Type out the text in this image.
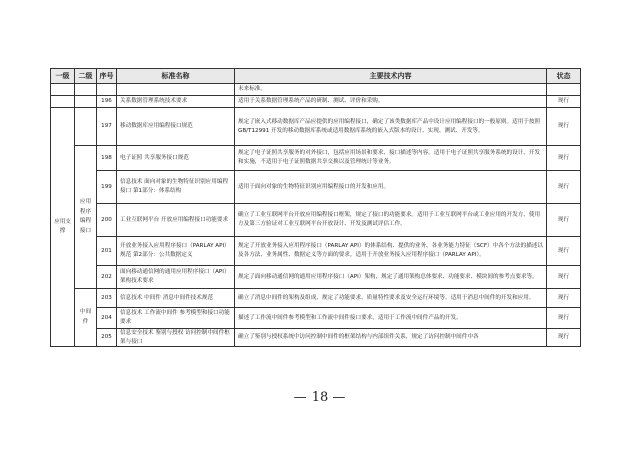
一级	二级	序号	标准名称	主要技术内容	状态
				未来标准。	
		196	关系数据管理系统技术要求	适用于关系数据管理系统产品的研制、测试、评价和采购。	现行
应用支撑		197	移动数据库应用编程接口规范	规定了嵌入式移动数据库产品应提供的应用编程接口，确定了该类数据库产品中设计应用编程接口的一般原则。适用于按照 GB/T12991 开发的移动数据库系统或适用数据库系统的嵌入式版本的设计、实现、测试、开发等。	现行
	应用程序编程接口	198	电子证照 共享服务接口规范	规定了电子证照共享服务的对外接口，包括应用场景和要求、接口描述等内容。适用于电子证照共享服务系统的设计、开发和实施，不适用于电子证照数据共享交换以及管理统计等业务。	现行
		199	信息技术 面向对象的生物特征识别应用编程接口 第1部分：体系结构	适用于面向对象的生物特征识别应用编程接口的开发和应用。	现行
		200	工业互联网平台 开放应用编程接口功能要求	确立了工业互联网平台开放应用编程接口框架，规定了接口的功能要求。适用于工业互联网平台或工业应用的开发方、使用方及第三方验证对工业互联网平台开放设计、开发及测试评估工作。	现行
		201	开放业务接入应用程序接口（PARLAY API）规范 第2部分：公共数据定义	规定了开放业务接入应用程序接口（PARLAY API）的体系结构、提供的业务、各业务能力特征（SCF）中各个方法的描述以及各方法、业务属性、数据定义等方面的要求。适用于开放业务接入应用程序接口（PARLAY API）。	现行
		202	面向移动通信网的通用应用程序接口（API）架构技术要求	规定了面向移动通信网的通用应用程序接口（API）架构，规定了通用架构总体要求、功能要求、模块间的参考点要求等。	现行
	中间件	203	信息技术 中间件 消息中间件技术规范	确立了消息中间件的架构及组成，规定了功能要求、质量特性要求及安全运行环境等。适用于消息中间件的开发和应用。	现行
		204	信息技术 工作流中间件 参考模型和接口功能要求	描述了工作流中间件参考模型和工作流中间件接口要求，适用于工作流中间件产品的开发。	现行
		205	信息安全技术 鉴别与授权 访问控制中间件框架与接口	确立了鉴别与授权系统中访问控制中间件的框架结构与内部组件关系，规定了访问控制中间件中各	现行
— 18 —
